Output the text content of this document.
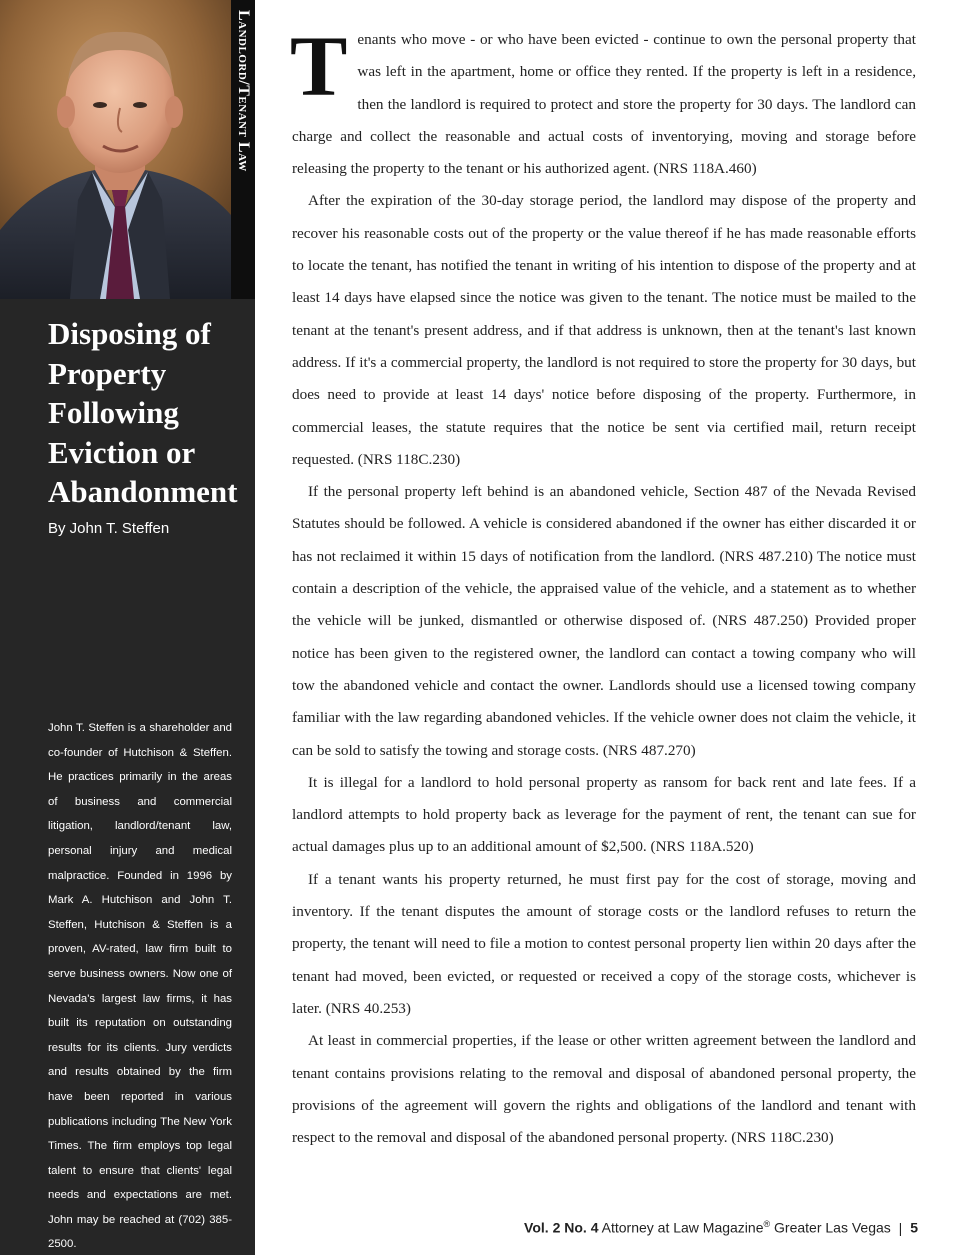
Landlord/Tenant Law
Disposing of Property Following Eviction or Abandonment

By John T. Steffen

John T. Steffen is a shareholder and co-founder of Hutchison & Steffen. He practices primarily in the areas of business and commercial litigation, landlord/tenant law, personal injury and medical malpractice. Founded in 1996 by Mark A. Hutchison and John T. Steffen, Hutchison & Steffen is a proven, AV-rated, law firm built to serve business owners. Now one of Nevada's largest law firms, it has built its reputation on outstanding results for its clients. Jury verdicts and results obtained by the firm have been reported in various publications including The New York Times. The firm employs top legal talent to ensure that clients' legal needs and expectations are met. John may be reached at (702) 385-2500.

Tenants who move - or who have been evicted - continue to own the personal property that was left in the apartment, home or office they rented. If the property is left in a residence, then the landlord is required to protect and store the property for 30 days. The landlord can charge and collect the reasonable and actual costs of inventorying, moving and storage before releasing the property to the tenant or his authorized agent. (NRS 118A.460)

After the expiration of the 30-day storage period, the landlord may dispose of the property and recover his reasonable costs out of the property or the value thereof if he has made reasonable efforts to locate the tenant, has notified the tenant in writing of his intention to dispose of the property and at least 14 days have elapsed since the notice was given to the tenant. The notice must be mailed to the tenant at the tenant's present address, and if that address is unknown, then at the tenant's last known address. If it's a commercial property, the landlord is not required to store the property for 30 days, but does need to provide at least 14 days' notice before disposing of the property. Furthermore, in commercial leases, the statute requires that the notice be sent via certified mail, return receipt requested. (NRS 118C.230)

If the personal property left behind is an abandoned vehicle, Section 487 of the Nevada Revised Statutes should be followed. A vehicle is considered abandoned if the owner has either discarded it or has not reclaimed it within 15 days of notification from the landlord. (NRS 487.210) The notice must contain a description of the vehicle, the appraised value of the vehicle, and a statement as to whether the vehicle will be junked, dismantled or otherwise disposed of. (NRS 487.250) Provided proper notice has been given to the registered owner, the landlord can contact a towing company who will tow the abandoned vehicle and contact the owner. Landlords should use a licensed towing company familiar with the law regarding abandoned vehicles. If the vehicle owner does not claim the vehicle, it can be sold to satisfy the towing and storage costs. (NRS 487.270)

It is illegal for a landlord to hold personal property as ransom for back rent and late fees. If a landlord attempts to hold property back as leverage for the payment of rent, the tenant can sue for actual damages plus up to an additional amount of $2,500. (NRS 118A.520)

If a tenant wants his property returned, he must first pay for the cost of storage, moving and inventory. If the tenant disputes the amount of storage costs or the landlord refuses to return the property, the tenant will need to file a motion to contest personal property lien within 20 days after the tenant had moved, been evicted, or requested or received a copy of the storage costs, whichever is later. (NRS 40.253)

At least in commercial properties, if the lease or other written agreement between the landlord and tenant contains provisions relating to the removal and disposal of abandoned personal property, the provisions of the agreement will govern the rights and obligations of the landlord and tenant with respect to the removal and disposal of the abandoned personal property. (NRS 118C.230)

Vol. 2 No. 4 Attorney at Law Magazine® Greater Las Vegas | 5
